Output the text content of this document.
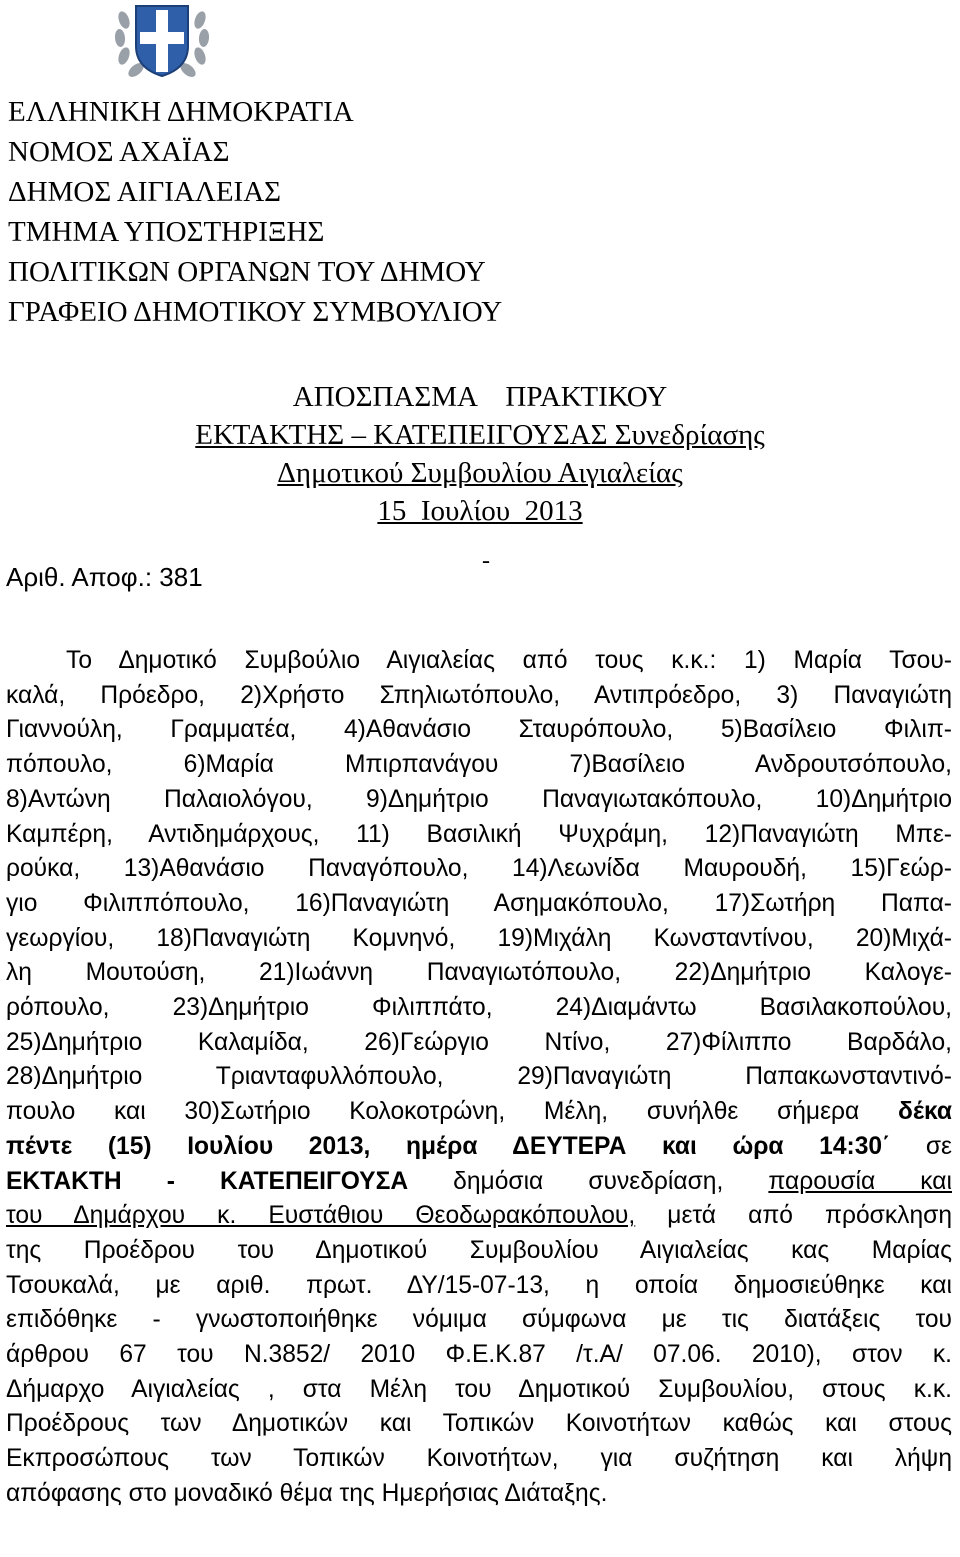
ΕΛΛΗΝΙΚΗ ΔΗΜΟΚΡΑΤΙΑ
ΝΟΜΟΣ ΑΧΑΪΑΣ
ΔΗΜΟΣ ΑΙΓΙΑΛΕΙΑΣ
ΤΜΗΜΑ ΥΠΟΣΤΗΡΙΞΗΣ
ΠΟΛΙΤΙΚΩΝ ΟΡΓΑΝΩΝ ΤΟΥ ΔΗΜΟΥ
ΓΡΑΦΕΙΟ ΔΗΜΟΤΙΚΟΥ ΣΥΜΒΟΥΛΙΟΥ
ΑΠΟΣΠΑΣΜΑ    ΠΡΑΚΤΙΚΟΥ
ΕΚΤΑΚΤΗΣ – ΚΑΤΕΠΕΙΓΟΥΣΑΣ Συνεδρίασης
Δημοτικού Συμβουλίου Αιγιαλείας
15  Ιουλίου  2013
-
Αριθ. Αποφ.: 381
Το Δημοτικό Συμβούλιο Αιγιαλείας από τους κ.κ.: 1) Μαρία Τσου-
καλά, Πρόεδρο, 2)Χρήστο Σπηλιωτόπουλο, Αντιπρόεδρο, 3) Παναγιώτη
Γιαννούλη, Γραμματέα, 4)Αθανάσιο Σταυρόπουλο, 5)Βασίλειο Φιλιπ-
πόπουλο, 6)Μαρία Μπιρπανάγου 7)Βασίλειο Ανδρουτσόπουλο,
8)Αντώνη Παλαιολόγου, 9)Δημήτριο Παναγιωτακόπουλο, 10)Δημήτριο
Καμπέρη, Αντιδημάρχους, 11) Βασιλική Ψυχράμη, 12)Παναγιώτη Μπε-
ρούκα, 13)Αθανάσιο Παναγόπουλο, 14)Λεωνίδα Μαυρουδή, 15)Γεώρ-
γιο Φιλιππόπουλο, 16)Παναγιώτη Ασημακόπουλο, 17)Σωτήρη Παπα-
γεωργίου, 18)Παναγιώτη Κομνηνό, 19)Μιχάλη Κωνσταντίνου, 20)Μιχά-
λη Μουτούση, 21)Ιωάννη Παναγιωτόπουλο, 22)Δημήτριο Καλογε-
ρόπουλο, 23)Δημήτριο Φιλιππάτο, 24)Διαμάντω Βασιλακοπούλου,
25)Δημήτριο Καλαμίδα, 26)Γεώργιο Ντίνο, 27)Φίλιππο Βαρδάλο,
28)Δημήτριο Τριανταφυλλόπουλο, 29)Παναγιώτη Παπακωνσταντινό-
πουλο και 30)Σωτήριο Κολοκοτρώνη, Μέλη, συνήλθε σήμερα δέκα
πέντε (15) Ιουλίου 2013, ημέρα ΔΕΥΤΕΡΑ και ώρα 14:30΄ σε
ΕΚΤΑΚΤΗ - ΚΑΤΕΠΕΙΓΟΥΣΑ δημόσια συνεδρίαση, παρουσία και
του Δημάρχου κ. Ευστάθιου Θεοδωρακόπουλου, μετά από πρόσκληση
της Προέδρου του Δημοτικού Συμβουλίου Αιγιαλείας κας Μαρίας
Τσουκαλά, με αριθ. πρωτ. ΔΥ/15-07-13, η οποία δημοσιεύθηκε και
επιδόθηκε - γνωστοποιήθηκε νόμιμα σύμφωνα με τις διατάξεις του
άρθρου 67 του Ν.3852/ 2010 Φ.Ε.Κ.87 /τ.Α/ 07.06. 2010), στον κ.
Δήμαρχο Αιγιαλείας , στα Μέλη του Δημοτικού Συμβουλίου, στους κ.κ.
Προέδρους των Δημοτικών και Τοπικών Κοινοτήτων καθώς και στους
Εκπροσώπους των Τοπικών Κοινοτήτων, για συζήτηση και λήψη
απόφασης στο μοναδικό θέμα της Ημερήσιας Διάταξης.
